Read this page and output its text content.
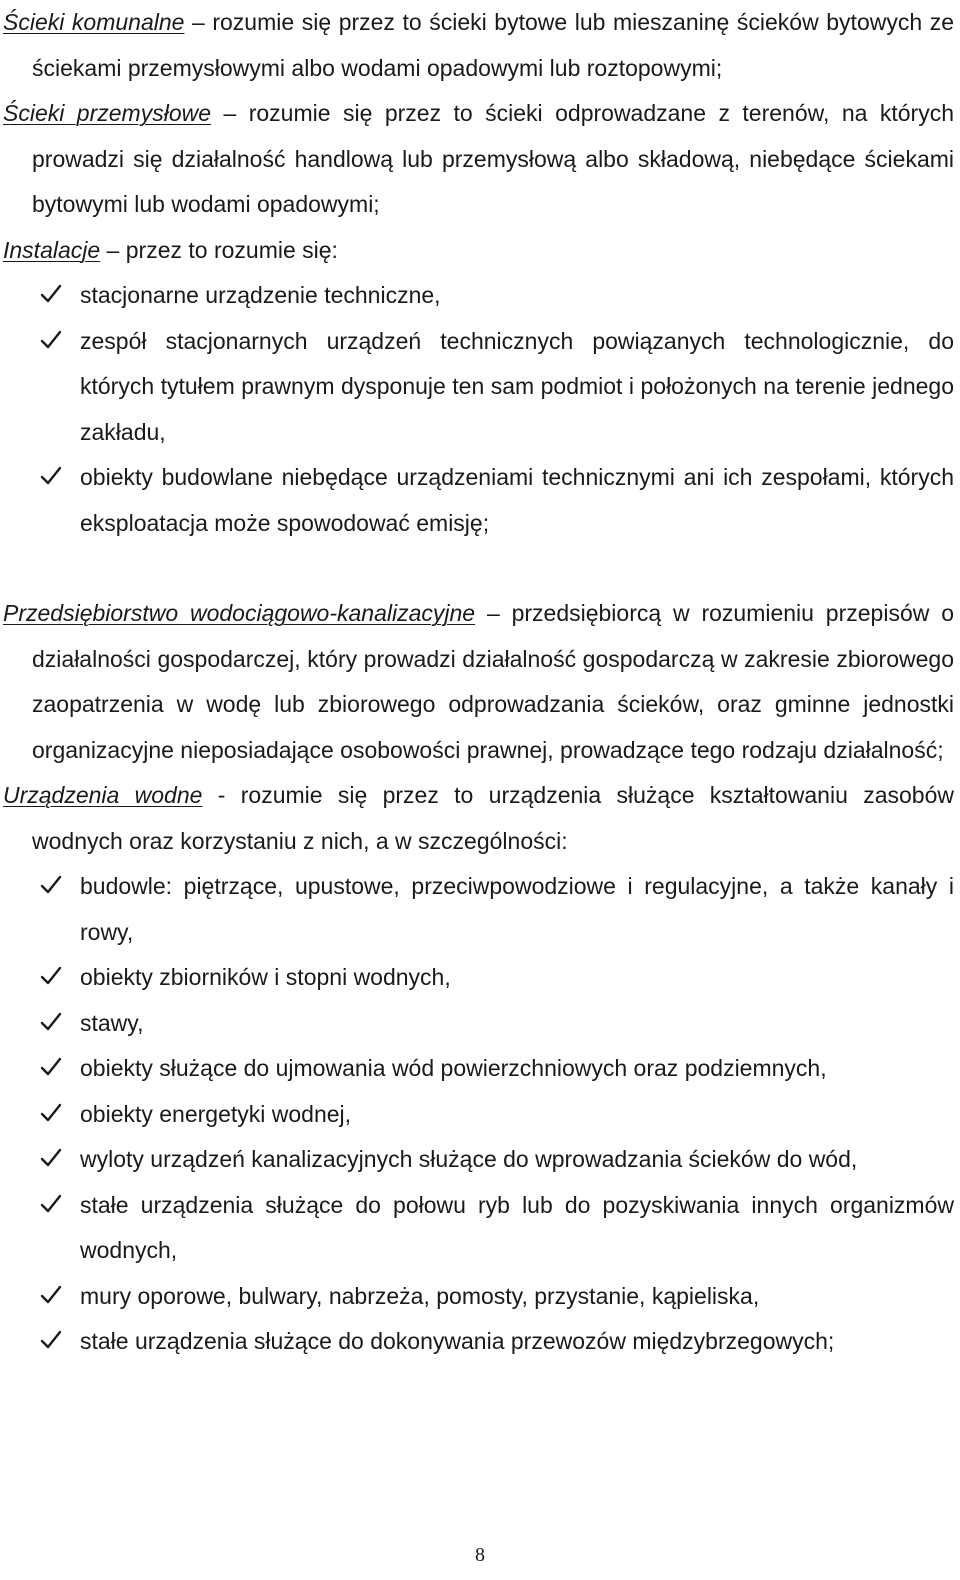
Ścieki komunalne – rozumie się przez to ścieki bytowe lub mieszaninę ścieków bytowych ze ściekami przemysłowymi albo wodami opadowymi lub roztopowymi;

Ścieki przemysłowe – rozumie się przez to ścieki odprowadzane z terenów, na których prowadzi się działalność handlową lub przemysłową albo składową, niebędące ściekami bytowymi lub wodami opadowymi;

Instalacje – przez to rozumie się:

stacjonarne urządzenie techniczne,
zespół stacjonarnych urządzeń technicznych powiązanych technologicznie, do których tytułem prawnym dysponuje ten sam podmiot i położonych na terenie jednego zakładu,
obiekty budowlane niebędące urządzeniami technicznymi ani ich zespołami, których eksploatacja może spowodować emisję;

Przedsiębiorstwo wodociągowo-kanalizacyjne – przedsiębiorcą w rozumieniu przepisów o działalności gospodarczej, który prowadzi działalność gospodarczą w zakresie zbiorowego zaopatrzenia w wodę lub zbiorowego odprowadzania ścieków, oraz gminne jednostki organizacyjne nieposiadające osobowości prawnej, prowadzące tego rodzaju działalność;

Urządzenia wodne - rozumie się przez to urządzenia służące kształtowaniu zasobów wodnych oraz korzystaniu z nich, a w szczególności:

budowle: piętrzące, upustowe, przeciwpowodziowe i regulacyjne, a także kanały i rowy,
obiekty zbiorników i stopni wodnych,
stawy,
obiekty służące do ujmowania wód powierzchniowych oraz podziemnych,
obiekty energetyki wodnej,
wyloty urządzeń kanalizacyjnych służące do wprowadzania ścieków do wód,
stałe urządzenia służące do połowu ryb lub do pozyskiwania innych organizmów wodnych,
mury oporowe, bulwary, nabrzeża, pomosty, przystanie, kąpieliska,
stałe urządzenia służące do dokonywania przewozów międzybrzegowych;
8
